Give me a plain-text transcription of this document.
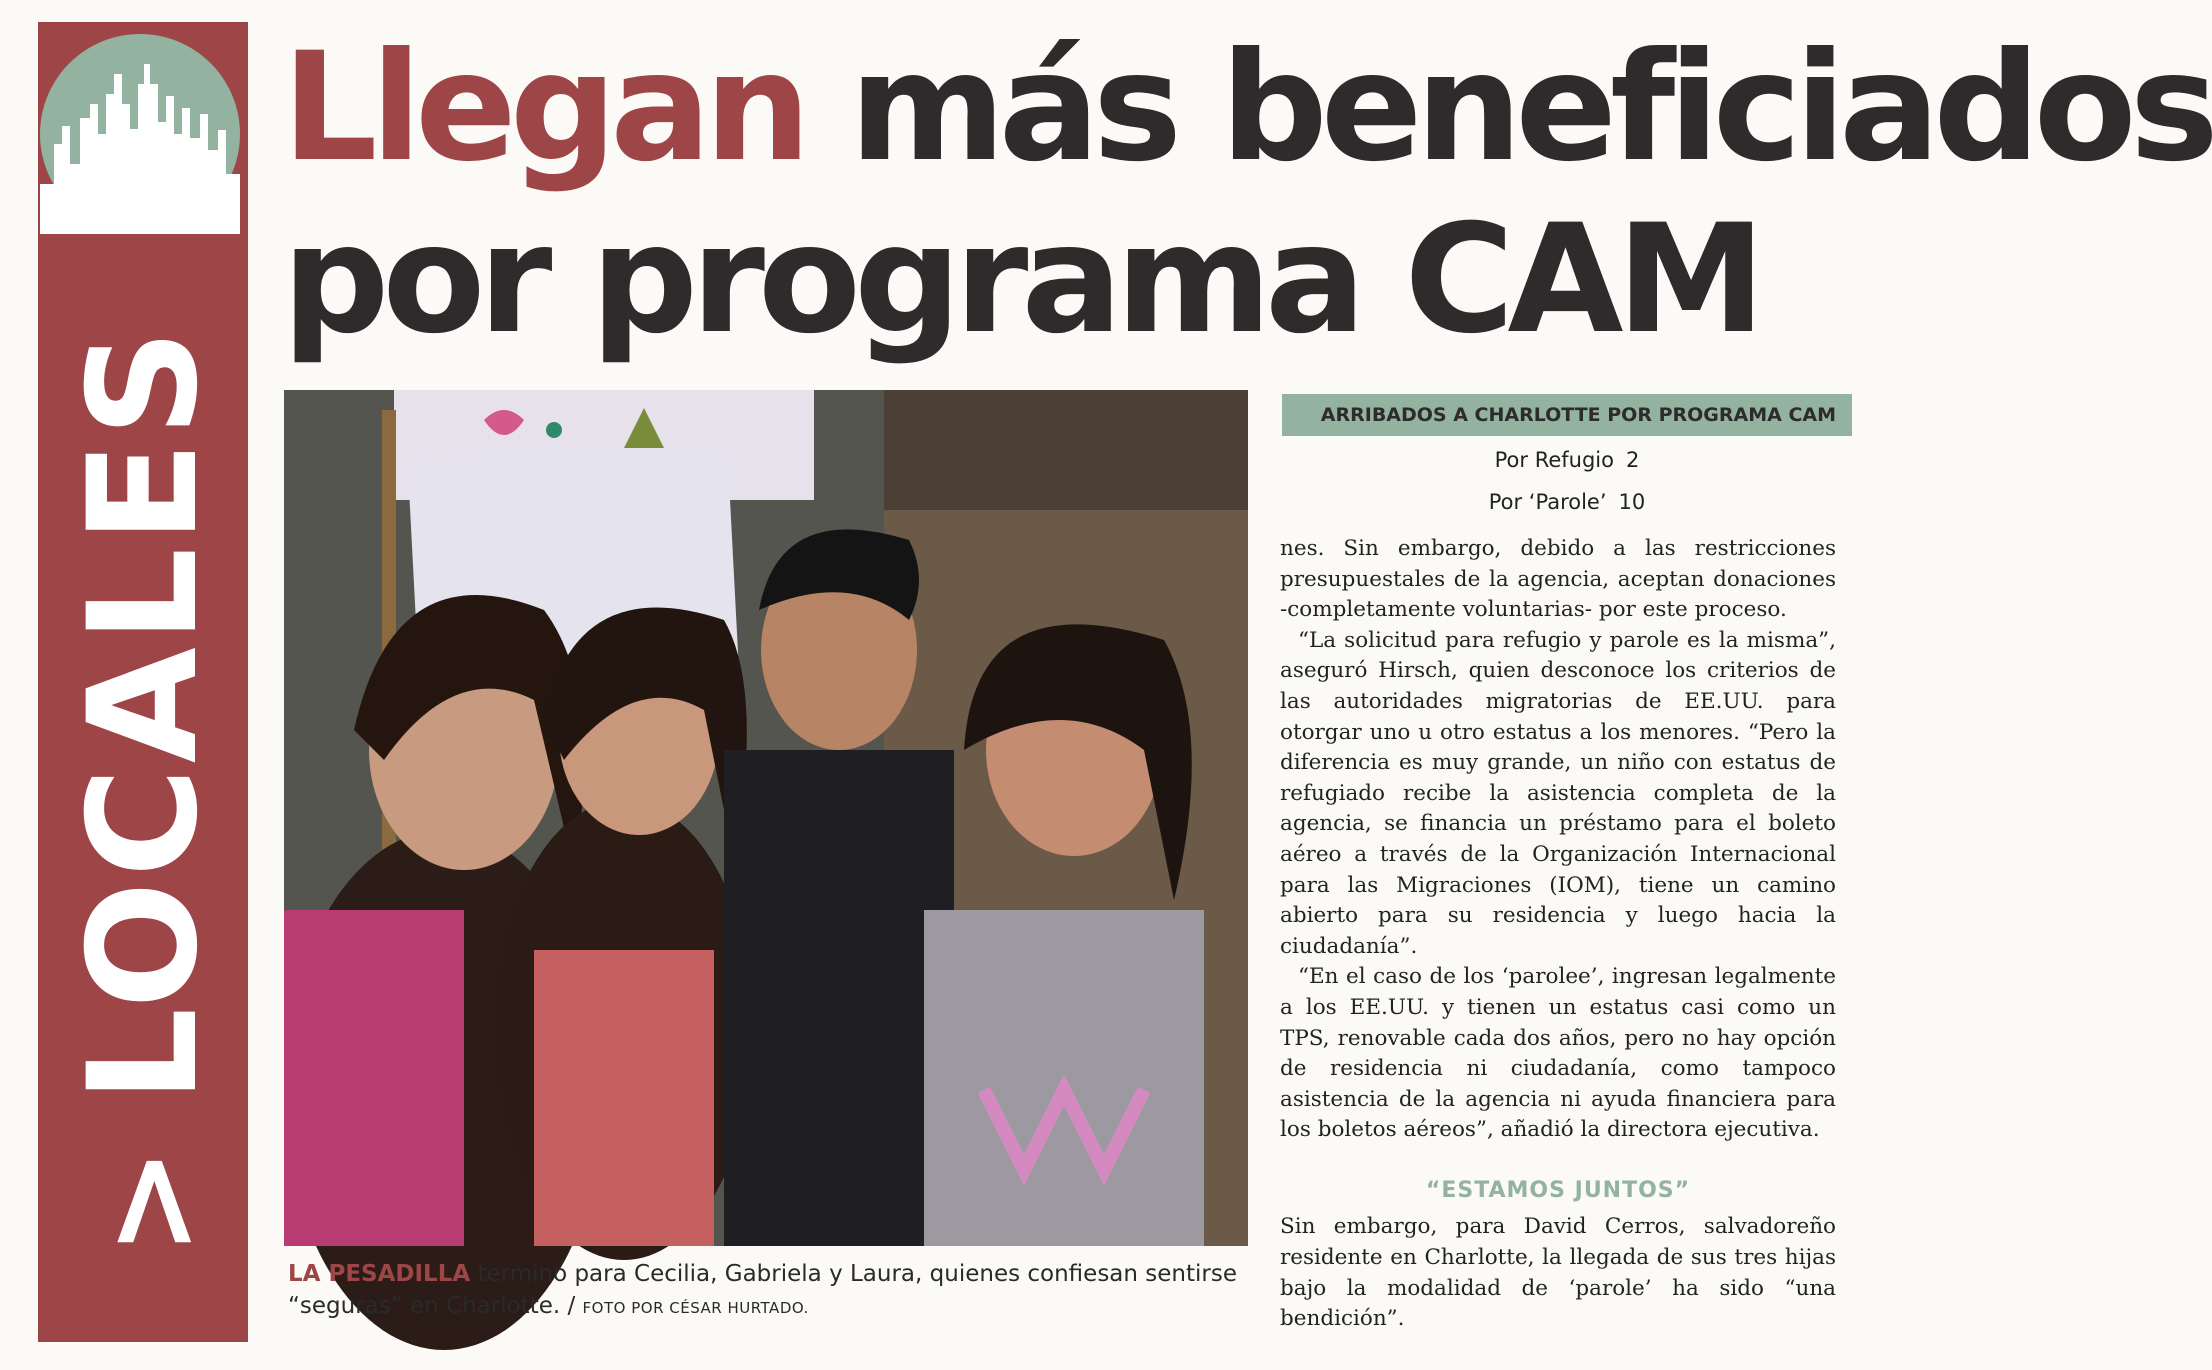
>LOCALES
Llegan más beneficiados
por programa CAM

LA PESADILLA terminó para Cecilia, Gabriela y Laura, quienes confiesan sentirse
“seguras” en Charlotte. / FOTO POR CÉSAR HURTADO.

ARRIBADOS A CHARLOTTE POR PROGRAMA CAM
Por Refugio 2
Por ‘Parole’ 10

nes. Sin embargo, debido a las restricciones presupuestales de la agencia, aceptan donaciones -completamente voluntarias- por este proceso.

“La solicitud para refugio y parole es la misma”, aseguró Hirsch, quien desconoce los criterios de las autoridades migratorias de EE.UU. para otorgar uno u otro estatus a los menores. “Pero la diferencia es muy grande, un niño con estatus de refugiado recibe la asistencia completa de la agencia, se financia un préstamo para el boleto aéreo a través de la Organización Internacional para las Migraciones (IOM), tiene un camino abierto para su residencia y luego hacia la ciudadanía”.

“En el caso de los ‘parolee’, ingresan legalmente a los EE.UU. y tienen un estatus casi como un TPS, renovable cada dos años, pero no hay opción de residencia ni ciudadanía, como tampoco asistencia de la agencia ni ayuda financiera para los boletos aéreos”, añadió la directora ejecutiva.

“ESTAMOS JUNTOS”

Sin embargo, para David Cerros, salvadoreño residente en Charlotte, la llegada de sus tres hijas bajo la modalidad de ‘parole’ ha sido “una bendición”.
